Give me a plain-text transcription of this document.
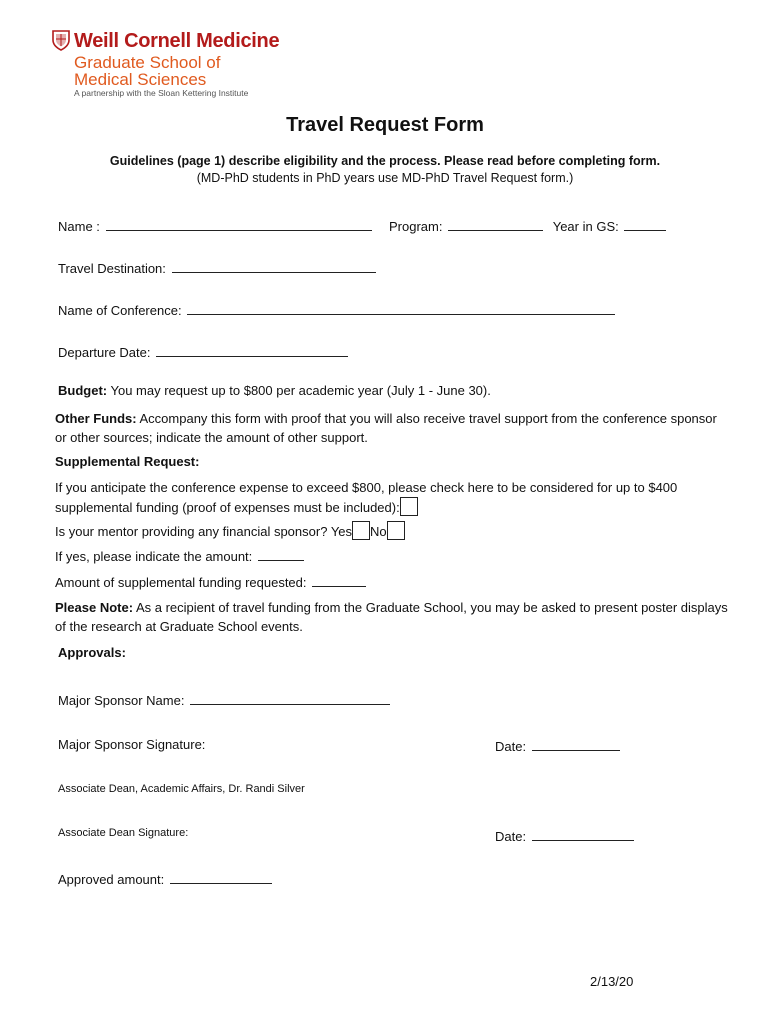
Weill Cornell Medicine
Graduate School of
Medical Sciences
A partnership with the Sloan Kettering Institute
Travel Request Form
Guidelines (page 1) describe eligibility and the process. Please read before completing form.
(MD-PhD students in PhD years use MD-PhD Travel Request form.)
Name :	Program:	Year in GS:
Travel Destination:
Name of Conference:
Departure Date:
Budget: You may request up to $800 per academic year (July 1 - June 30).
Other Funds: Accompany this form with proof that you will also receive travel support from the conference sponsor or other sources; indicate the amount of other support.
Supplemental Request:
If you anticipate the conference expense to exceed $800, please check here to be considered for up to $400 supplemental funding (proof of expenses must be included):
Is your mentor providing any financial sponsor? Yes No
If yes, please indicate the amount:
Amount of supplemental funding requested:
Please Note: As a recipient of travel funding from the Graduate School, you may be asked to present poster displays of the research at Graduate School events.
Approvals:
Major Sponsor Name:
Major Sponsor Signature:	Date:
Associate Dean, Academic Affairs, Dr. Randi Silver
Associate Dean Signature:	Date:
Approved amount:
2/13/20
